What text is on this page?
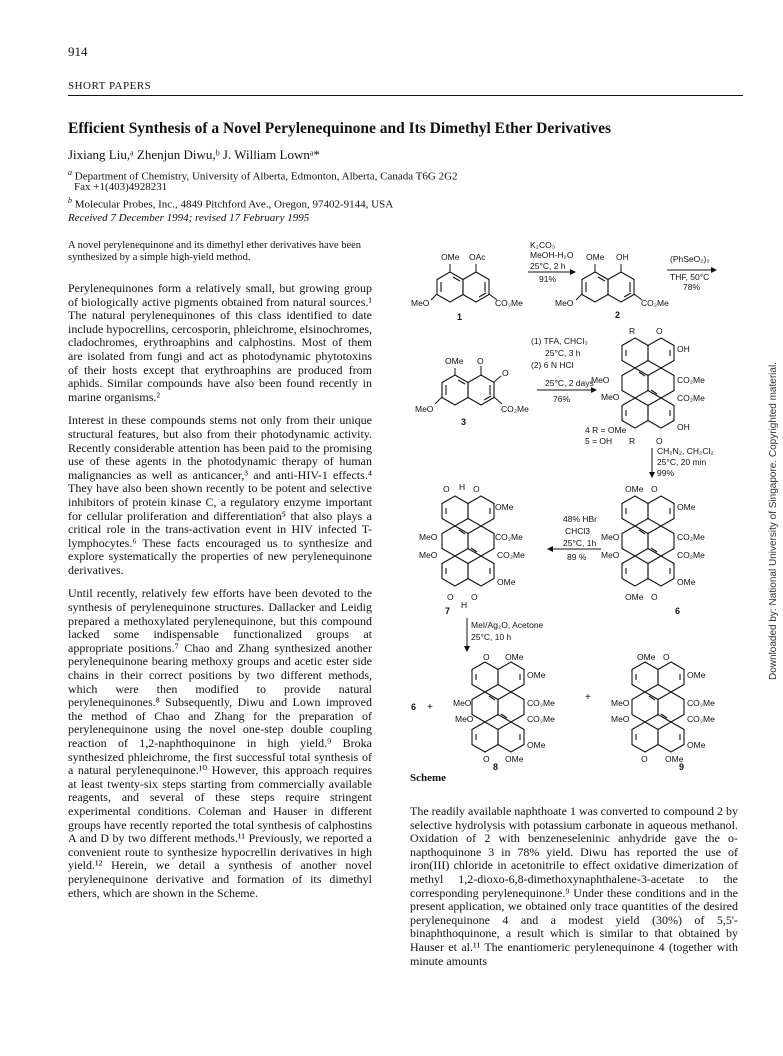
914
SHORT PAPERS
Efficient Synthesis of a Novel Perylenequinone and Its Dimethyl Ether Derivatives
Jixiang Liu,ᵃ Zhenjun Diwu,ᵇ J. William Lownᵃ*
$^a$ Department of Chemistry, University of Alberta, Edmonton, Alberta, Canada T6G 2G2
Fax +1(403)4928231
$^b$ Molecular Probes, Inc., 4849 Pitchford Ave., Oregon, 97402-9144, USA
Received 7 December 1994; revised 17 February 1995
A novel perylenequinone and its dimethyl ether derivatives have been synthesized by a simple high-yield method.

Perylenequinones form a relatively small, but growing group of biologically active pigments obtained from natural sources.¹ The natural perylenequinones of this class identified to date include hypocrellins, cercosporin, phleichrome, elsinochromes, cladochromes, erythroaphins and calphostins. Most of them are isolated from fungi and act as photodynamic phytotoxins of their hosts except that erythroaphins are produced from aphids. Similar compounds have also been found recently in marine organisms.²

Interest in these compounds stems not only from their unique structural features, but also from their photodynamic activity. Recently considerable attention has been paid to the promising use of these agents in the photodynamic therapy of human malignancies as well as anticancer,³ and anti-HIV-1 effects.⁴ They have also been shown recently to be potent and selective inhibitors of protein kinase C, a regulatory enzyme important for cellular proliferation and differentiation⁵ that also plays a critical role in the trans-activation event in HIV infected T-lymphocytes.⁶ These facts encouraged us to synthesize and explore systematically the properties of new perylenequinone derivatives.

Until recently, relatively few efforts have been devoted to the synthesis of perylenequinone structures. Dallacker and Leidig prepared a methoxylated perylenequinone, but this compound lacked some indispensable functionalized groups at appropriate positions.⁷ Chao and Zhang synthesized another perylenequinone bearing methoxy groups and acetic ester side chains in their correct positions by two different methods, which were then modified to provide natural perylenequinones.⁸ Subsequently, Diwu and Lown improved the method of Chao and Zhang for the preparation of perylenequinone using the novel one-step double coupling reaction of 1,2-naphthoquinone in high yield.⁹ Broka synthesized phleichrome, the first successful total synthesis of a natural perylenequinone.¹⁰ However, this approach requires at least twenty-six steps starting from commercially available reagents, and several of these steps require stringent experimental conditions. Coleman and Hauser in different groups have recently reported the total synthesis of calphostins A and D by two different methods.¹¹ Previously, we reported a convenient route to synthesize hypocrellin derivatives in high yield.¹² Herein, we detail a synthesis of another novel perylenequinone derivative and formation of its dimethyl ethers, which are shown in the Scheme.

OMe OAc
MeO	CO₂Me
1
K₂CO₃
MeOH-H₂O
25°C, 2 h
91%
OMe OH
MeO	CO₂Me
2
(PhSeO₂)₂
THF, 50°C
78%
OMe O
O
MeO	CO₂Me
3
(1) TFA, CHCl₃
25°C, 3 h
(2) 6 N HCl
25°C, 2 days
76%
R O
OH
CO₂Me
CO₂Me
MeO
MeO
OH
R O
4 R = OMe
5 = OH
CH₂N₂, CH₂Cl₂
25°C, 20 min
99%
O H O
OMe
MeO
MeO
CO₂Me
CO₂Me
OMe
O
H
O
7
48% HBr
CHCl3
25°C, 1h
89 %
OMe O
OMe
MeO
MeO
CO₂Me
CO₂Me
OMe
OMe O
6
MeI/Ag₂O, Acetone
25°C, 10 h
6 +
O OMe
OMe
MeO
MeO
CO₂Me
CO₂Me
OMe
O OMe
8
+
OMe O
OMe
MeO
MeO
CO₂Me
CO₂Me
OMe
O OMe
9
Scheme

The readily available naphthoate 1 was converted to compound 2 by selective hydrolysis with potassium carbonate in aqueous methanol. Oxidation of 2 with benzeneseleninic anhydride gave the o-napthoquinone 3 in 78% yield. Diwu has reported the use of iron(III) chloride in acetonitrile to effect oxidative dimerization of methyl 1,2-dioxo-6,8-dimethoxynaphthalene-3-acetate to the corresponding perylenequinone.⁹ Under these conditions and in the present application, we obtained only trace quantities of the desired perylenequinone 4 and a modest yield (30%) of 5,5'-binaphthoquinone, a result which is similar to that obtained by Hauser et al.¹¹ The enantiomeric perylenequinone 4 (together with minute amounts

Downloaded by: National University of Singapore. Copyrighted material.
